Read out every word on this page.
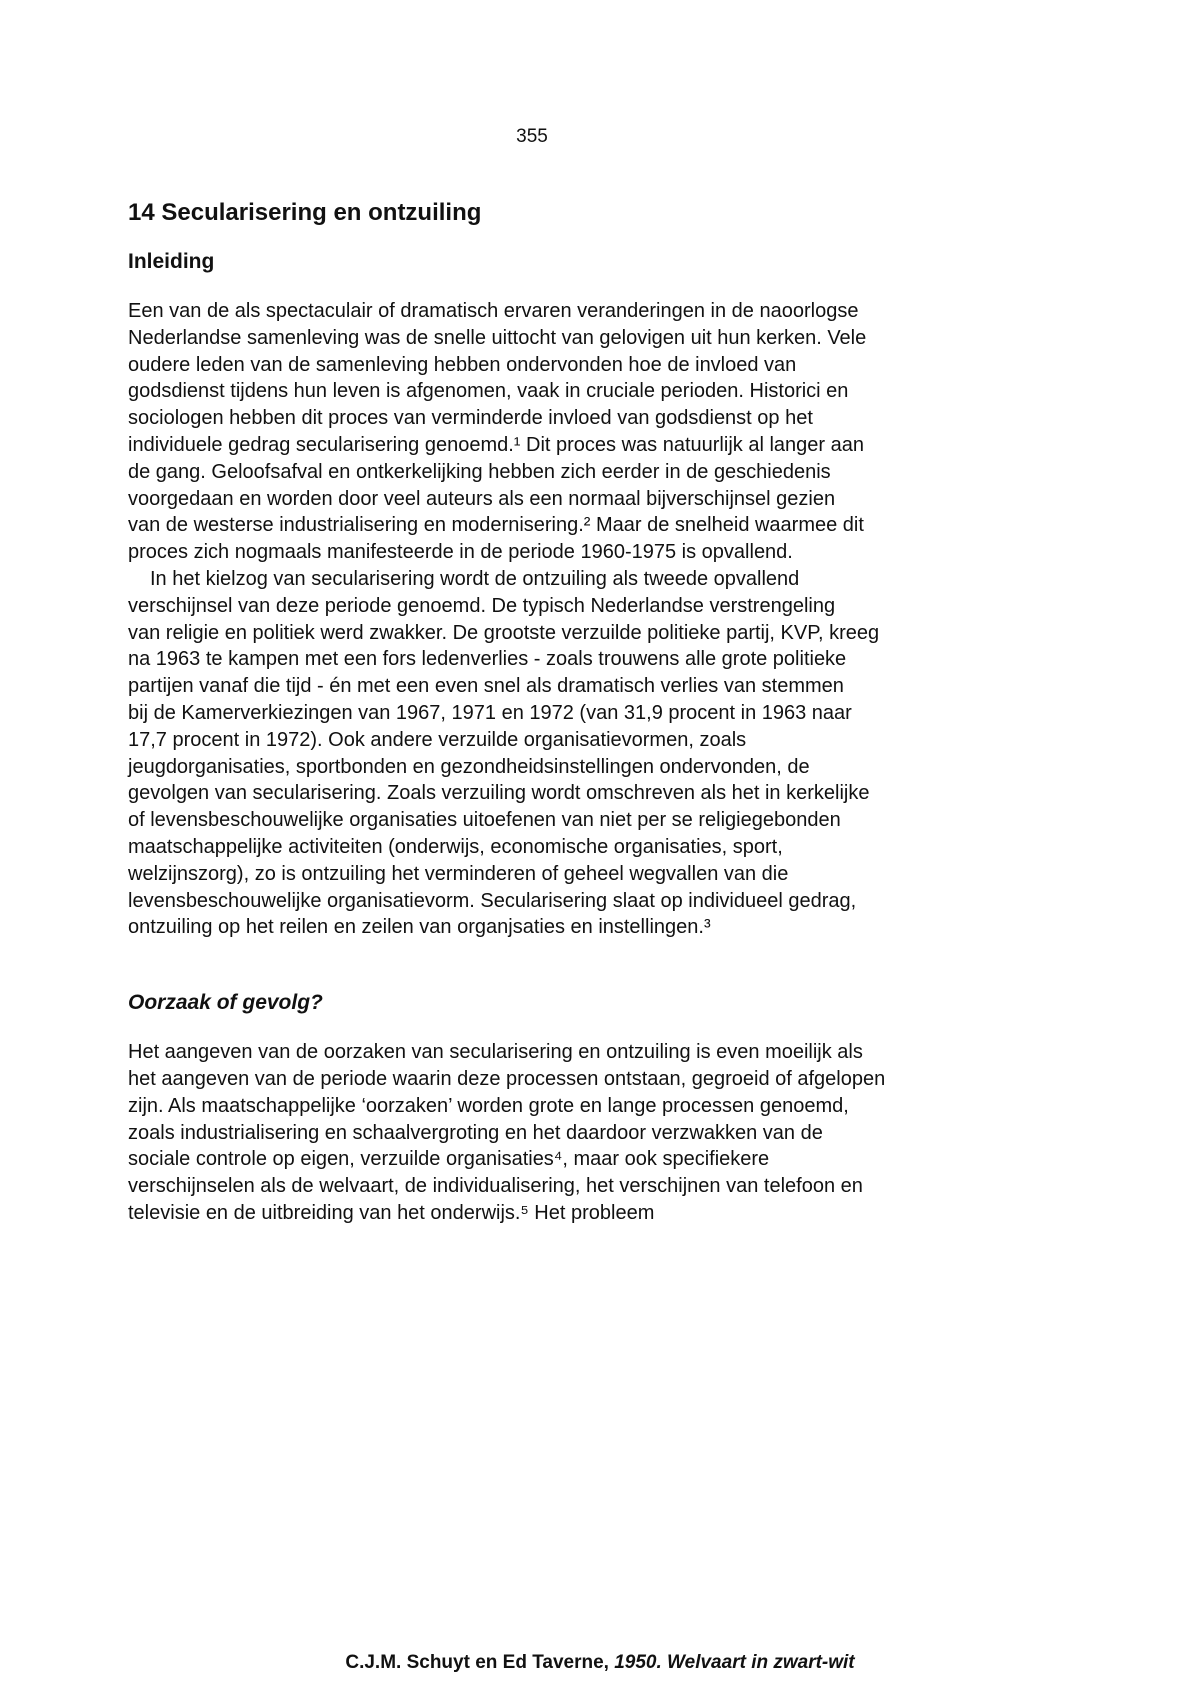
355
14 Secularisering en ontzuiling
Inleiding

Een van de als spectaculair of dramatisch ervaren veranderingen in de naoorlogse
Nederlandse samenleving was de snelle uittocht van gelovigen uit hun kerken. Vele
oudere leden van de samenleving hebben ondervonden hoe de invloed van
godsdienst tijdens hun leven is afgenomen, vaak in cruciale perioden. Historici en
sociologen hebben dit proces van verminderde invloed van godsdienst op het
individuele gedrag secularisering genoemd.¹ Dit proces was natuurlijk al langer aan
de gang. Geloofsafval en ontkerkelijking hebben zich eerder in de geschiedenis
voorgedaan en worden door veel auteurs als een normaal bijverschijnsel gezien
van de westerse industrialisering en modernisering.² Maar de snelheid waarmee dit
proces zich nogmaals manifesteerde in de periode 1960-1975 is opvallend.

In het kielzog van secularisering wordt de ontzuiling als tweede opvallend
verschijnsel van deze periode genoemd. De typisch Nederlandse verstrengeling
van religie en politiek werd zwakker. De grootste verzuilde politieke partij, KVP, kreeg
na 1963 te kampen met een fors ledenverlies - zoals trouwens alle grote politieke
partijen vanaf die tijd - én met een even snel als dramatisch verlies van stemmen
bij de Kamerverkiezingen van 1967, 1971 en 1972 (van 31,9 procent in 1963 naar
17,7 procent in 1972). Ook andere verzuilde organisatievormen, zoals
jeugdorganisaties, sportbonden en gezondheidsinstellingen ondervonden, de
gevolgen van secularisering. Zoals verzuiling wordt omschreven als het in kerkelijke
of levensbeschouwelijke organisaties uitoefenen van niet per se religiegebonden
maatschappelijke activiteiten (onderwijs, economische organisaties, sport,
welzijnszorg), zo is ontzuiling het verminderen of geheel wegvallen van die
levensbeschouwelijke organisatievorm. Secularisering slaat op individueel gedrag,
ontzuiling op het reilen en zeilen van organjsaties en instellingen.³

Oorzaak of gevolg?

Het aangeven van de oorzaken van secularisering en ontzuiling is even moeilijk als
het aangeven van de periode waarin deze processen ontstaan, gegroeid of afgelopen
zijn. Als maatschappelijke ‘oorzaken’ worden grote en lange processen genoemd,
zoals industrialisering en schaalvergroting en het daardoor verzwakken van de
sociale controle op eigen, verzuilde organisaties⁴, maar ook specifiekere
verschijnselen als de welvaart, de individualisering, het verschijnen van telefoon en
televisie en de uitbreiding van het onderwijs.⁵ Het probleem

C.J.M. Schuyt en Ed Taverne, 1950. Welvaart in zwart-wit
